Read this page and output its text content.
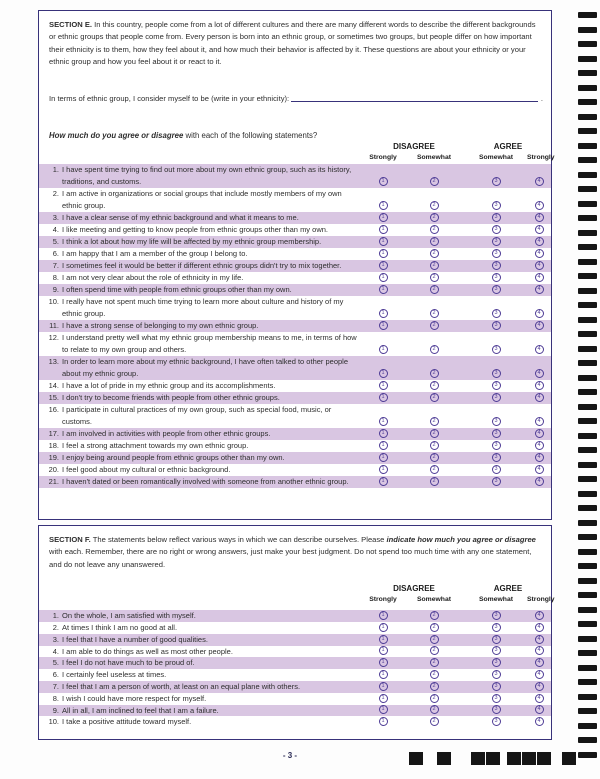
SECTION E. In this country, people come from a lot of different cultures and there are many different words to describe the different backgrounds or ethnic groups that people come from. Every person is born into an ethnic group, or sometimes two groups, but people differ on how important their ethnicity is to them, how they feel about it, and how much their behavior is affected by it. These questions are about your ethnicity or your ethnic group and how you feel about it or react to it.
In terms of ethnic group, I consider myself to be (write in your ethnicity):	.
How much do you agree or disagree with each of the following statements?
DISAGREE	AGREE
Strongly	Somewhat	Somewhat	Strongly
1. I have spent time trying to find out more about my own ethnic group, such as its history, traditions, and customs.	1	2	3	4
2. I am active in organizations or social groups that include mostly members of my own ethnic group.	1	2	3	4
3. I have a clear sense of my ethnic background and what it means to me.	1	2	3	4
4. I like meeting and getting to know people from ethnic groups other than my own.	1	2	3	4
5. I think a lot about how my life will be affected by my ethnic group membership.	1	2	3	4
6. I am happy that I am a member of the group I belong to.	1	2	3	4
7. I sometimes feel it would be better if different ethnic groups didn't try to mix together.	1	2	3	4
8. I am not very clear about the role of ethnicity in my life.	1	2	3	4
9. I often spend time with people from ethnic groups other than my own.	1	2	3	4
10. I really have not spent much time trying to learn more about culture and history of my ethnic group.	1	2	3	4
11. I have a strong sense of belonging to my own ethnic group.	1	2	3	4
12. I understand pretty well what my ethnic group membership means to me, in terms of how to relate to my own group and others.	1	2	3	4
13. In order to learn more about my ethnic background, I have often talked to other people about my ethnic group.	1	2	3	4
14. I have a lot of pride in my ethnic group and its accomplishments.	1	2	3	4
15. I don't try to become friends with people from other ethnic groups.	1	2	3	4
16. I participate in cultural practices of my own group, such as special food, music, or customs.	1	2	3	4
17. I am involved in activities with people from other ethnic groups.	1	2	3	4
18. I feel a strong attachment towards my own ethnic group.	1	2	3	4
19. I enjoy being around people from ethnic groups other than my own.	1	2	3	4
20. I feel good about my cultural or ethnic background.	1	2	3	4
21. I haven't dated or been romantically involved with someone from another ethnic group.	1	2	3	4
SECTION F. The statements below reflect various ways in which we can describe ourselves. Please indicate how much you agree or disagree with each. Remember, there are no right or wrong answers, just make your best judgment. Do not spend too much time with any one statement, and do not leave any unanswered.
DISAGREE	AGREE
Strongly	Somewhat	Somewhat	Strongly
1. On the whole, I am satisfied with myself.	1	2	3	4
2. At times I think I am no good at all.	1	2	3	4
3. I feel that I have a number of good qualities.	1	2	3	4
4. I am able to do things as well as most other people.	1	2	3	4
5. I feel I do not have much to be proud of.	1	2	3	4
6. I certainly feel useless at times.	1	2	3	4
7. I feel that I am a person of worth, at least on an equal plane with others.	1	2	3	4
8. I wish I could have more respect for myself.	1	2	3	4
9. All in all, I am inclined to feel that I am a failure.	1	2	3	4
10. I take a positive attitude toward myself.	1	2	3	4
- 3 -
